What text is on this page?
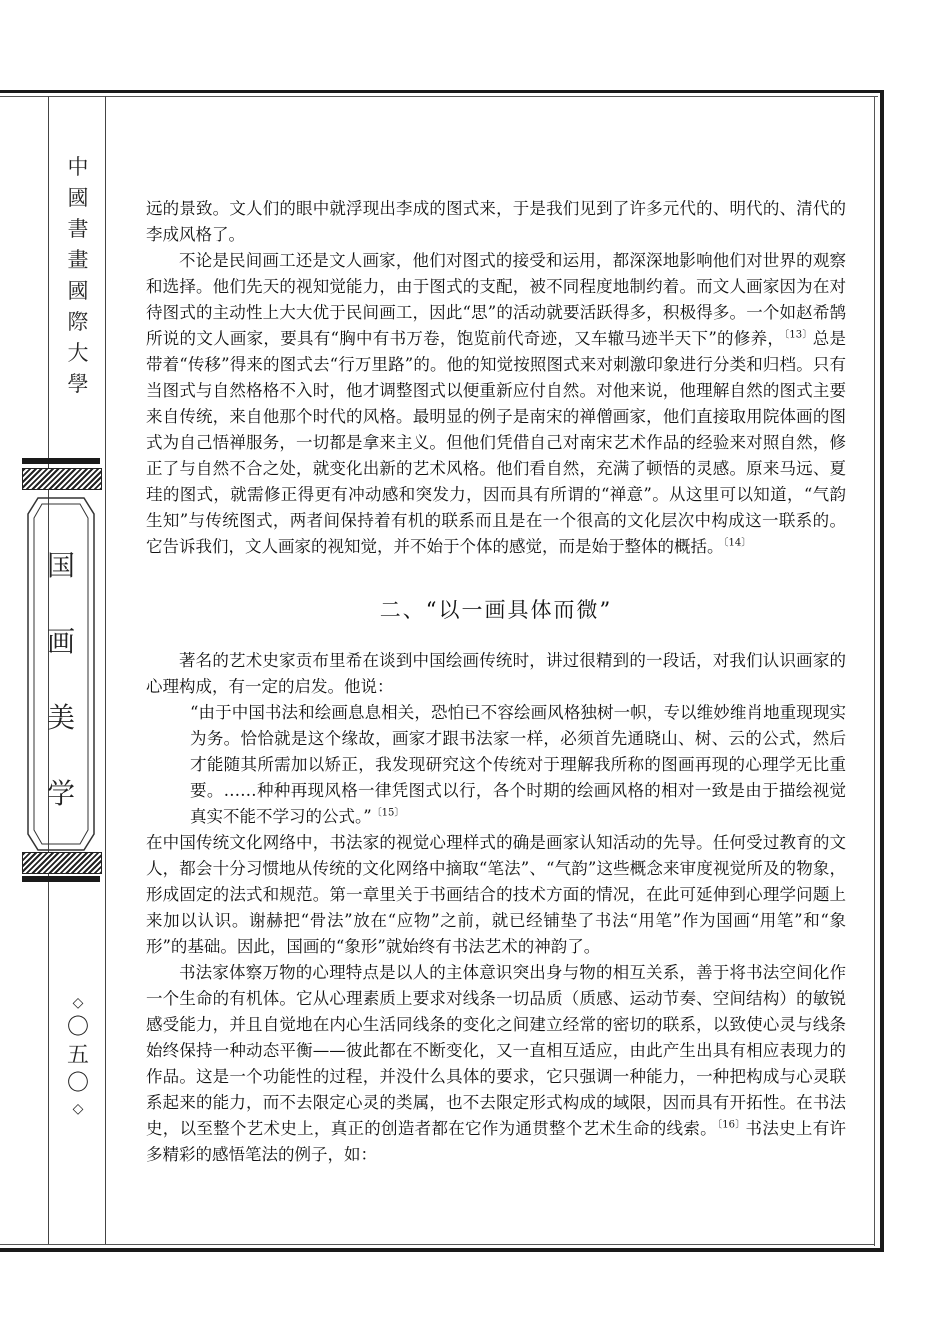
中
國
書
畫
國
際
大
學
国
画
美
学
◇
〇
五
〇
◇

远的景致。文人们的眼中就浮现出李成的图式来，于是我们见到了许多元代的、明代的、清代的李成风格了。

不论是民间画工还是文人画家，他们对图式的接受和运用，都深深地影响他们对世界的观察和选择。他们先天的视知觉能力，由于图式的支配，被不同程度地制约着。而文人画家因为在对待图式的主动性上大大优于民间画工，因此“思”的活动就要活跃得多，积极得多。一个如赵希鹄所说的文人画家，要具有“胸中有书万卷，饱览前代奇迹，又车辙马迹半天下”的修养，$^{〔13〕}$总是带着“传移”得来的图式去“行万里路”的。他的知觉按照图式来对刺激印象进行分类和归档。只有当图式与自然格格不入时，他才调整图式以便重新应付自然。对他来说，他理解自然的图式主要来自传统，来自他那个时代的风格。最明显的例子是南宋的禅僧画家，他们直接取用院体画的图式为自己悟禅服务，一切都是拿来主义。但他们凭借自己对南宋艺术作品的经验来对照自然，修正了与自然不合之处，就变化出新的艺术风格。他们看自然，充满了顿悟的灵感。原来马远、夏珪的图式，就需修正得更有冲动感和突发力，因而具有所谓的“禅意”。从这里可以知道，“气韵生知”与传统图式，两者间保持着有机的联系而且是在一个很高的文化层次中构成这一联系的。它告诉我们，文人画家的视知觉，并不始于个体的感觉，而是始于整体的概括。$^{〔14〕}$

二、“以一画具体而微”

著名的艺术史家贡布里希在谈到中国绘画传统时，讲过很精到的一段话，对我们认识画家的心理构成，有一定的启发。他说：

“由于中国书法和绘画息息相关，恐怕已不容绘画风格独树一帜，专以维妙维肖地重现现实为务。恰恰就是这个缘故，画家才跟书法家一样，必须首先通晓山、树、云的公式，然后才能随其所需加以矫正，我发现研究这个传统对于理解我所称的图画再现的心理学无比重要。……种种再现风格一律凭图式以行，各个时期的绘画风格的相对一致是由于描绘视觉真实不能不学习的公式。”$^{〔15〕}$

在中国传统文化网络中，书法家的视觉心理样式的确是画家认知活动的先导。任何受过教育的文人，都会十分习惯地从传统的文化网络中摘取“笔法”、“气韵”这些概念来审度视觉所及的物象，形成固定的法式和规范。第一章里关于书画结合的技术方面的情况，在此可延伸到心理学问题上来加以认识。谢赫把“骨法”放在“应物”之前，就已经铺垫了书法“用笔”作为国画“用笔”和“象形”的基础。因此，国画的“象形”就始终有书法艺术的神韵了。

书法家体察万物的心理特点是以人的主体意识突出身与物的相互关系，善于将书法空间化作一个生命的有机体。它从心理素质上要求对线条一切品质（质感、运动节奏、空间结构）的敏锐感受能力，并且自觉地在内心生活同线条的变化之间建立经常的密切的联系，以致使心灵与线条始终保持一种动态平衡——彼此都在不断变化，又一直相互适应，由此产生出具有相应表现力的作品。这是一个功能性的过程，并没什么具体的要求，它只强调一种能力，一种把构成与心灵联系起来的能力，而不去限定心灵的类属，也不去限定形式构成的域限，因而具有开拓性。在书法史，以至整个艺术史上，真正的创造者都在它作为通贯整个艺术生命的线索。$^{〔16〕}$书法史上有许多精彩的感悟笔法的例子，如：
